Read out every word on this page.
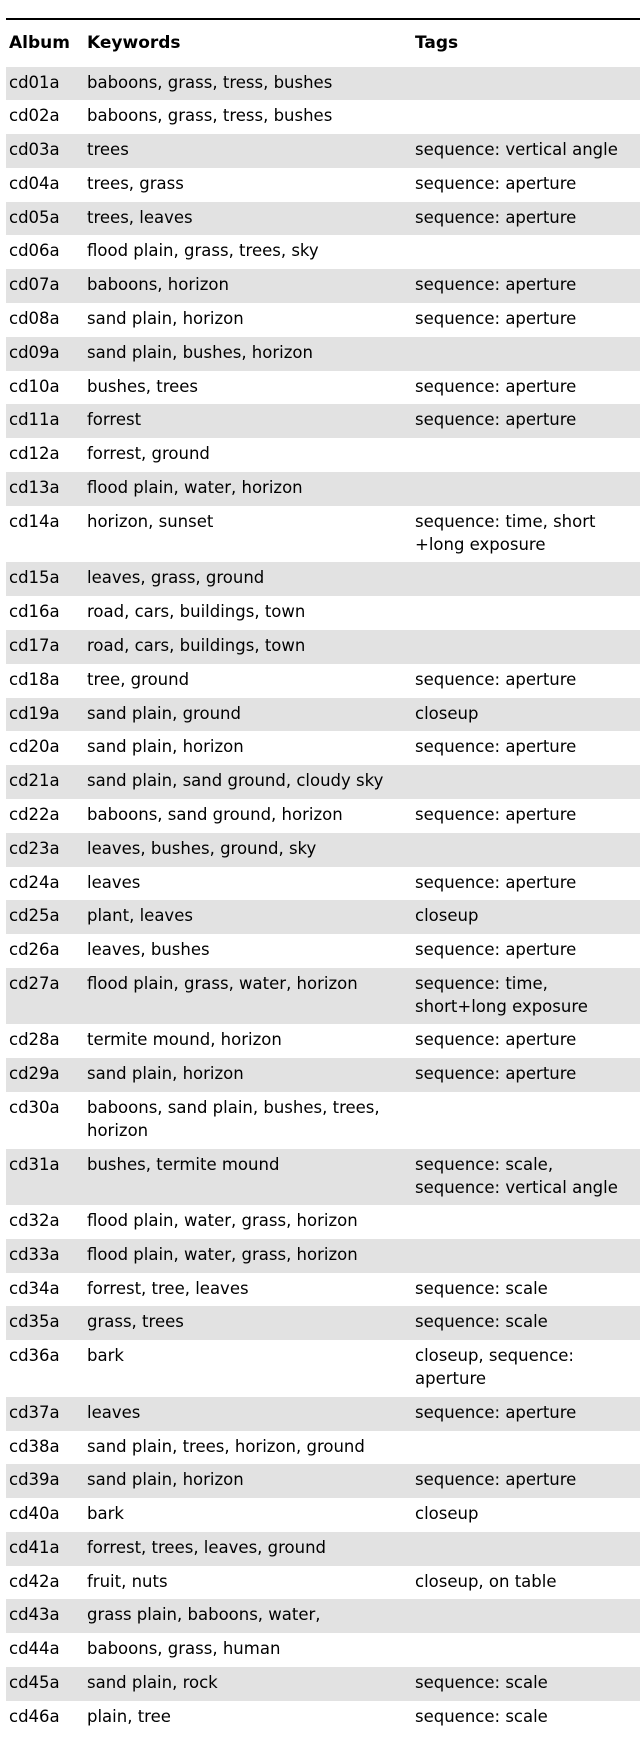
Album	Keywords	Tags
cd01a	baboons, grass, tress, bushes	
cd02a	baboons, grass, tress, bushes	
cd03a	trees	sequence: vertical angle
cd04a	trees, grass	sequence: aperture
cd05a	trees, leaves	sequence: aperture
cd06a	flood plain, grass, trees, sky	
cd07a	baboons, horizon	sequence: aperture
cd08a	sand plain, horizon	sequence: aperture
cd09a	sand plain, bushes, horizon	
cd10a	bushes, trees	sequence: aperture
cd11a	forrest	sequence: aperture
cd12a	forrest, ground	
cd13a	flood plain, water, horizon	
cd14a	horizon, sunset	sequence: time, short +long exposure
cd15a	leaves, grass, ground	
cd16a	road, cars, buildings, town	
cd17a	road, cars, buildings, town	
cd18a	tree, ground	sequence: aperture
cd19a	sand plain, ground	closeup
cd20a	sand plain, horizon	sequence: aperture
cd21a	sand plain, sand ground, cloudy sky	
cd22a	baboons, sand ground, horizon	sequence: aperture
cd23a	leaves, bushes, ground, sky	
cd24a	leaves	sequence: aperture
cd25a	plant, leaves	closeup
cd26a	leaves, bushes	sequence: aperture
cd27a	flood plain, grass, water, horizon	sequence: time, short+long exposure
cd28a	termite mound, horizon	sequence: aperture
cd29a	sand plain, horizon	sequence: aperture
cd30a	baboons, sand plain, bushes, trees, horizon	
cd31a	bushes, termite mound	sequence: scale, sequence: vertical angle
cd32a	flood plain, water, grass, horizon	
cd33a	flood plain, water, grass, horizon	
cd34a	forrest, tree, leaves	sequence: scale
cd35a	grass, trees	sequence: scale
cd36a	bark	closeup, sequence: aperture
cd37a	leaves	sequence: aperture
cd38a	sand plain, trees, horizon, ground	
cd39a	sand plain, horizon	sequence: aperture
cd40a	bark	closeup
cd41a	forrest, trees, leaves, ground	
cd42a	fruit, nuts	closeup, on table
cd43a	grass plain, baboons, water,	
cd44a	baboons, grass, human	
cd45a	sand plain, rock	sequence: scale
cd46a	plain, tree	sequence: scale
